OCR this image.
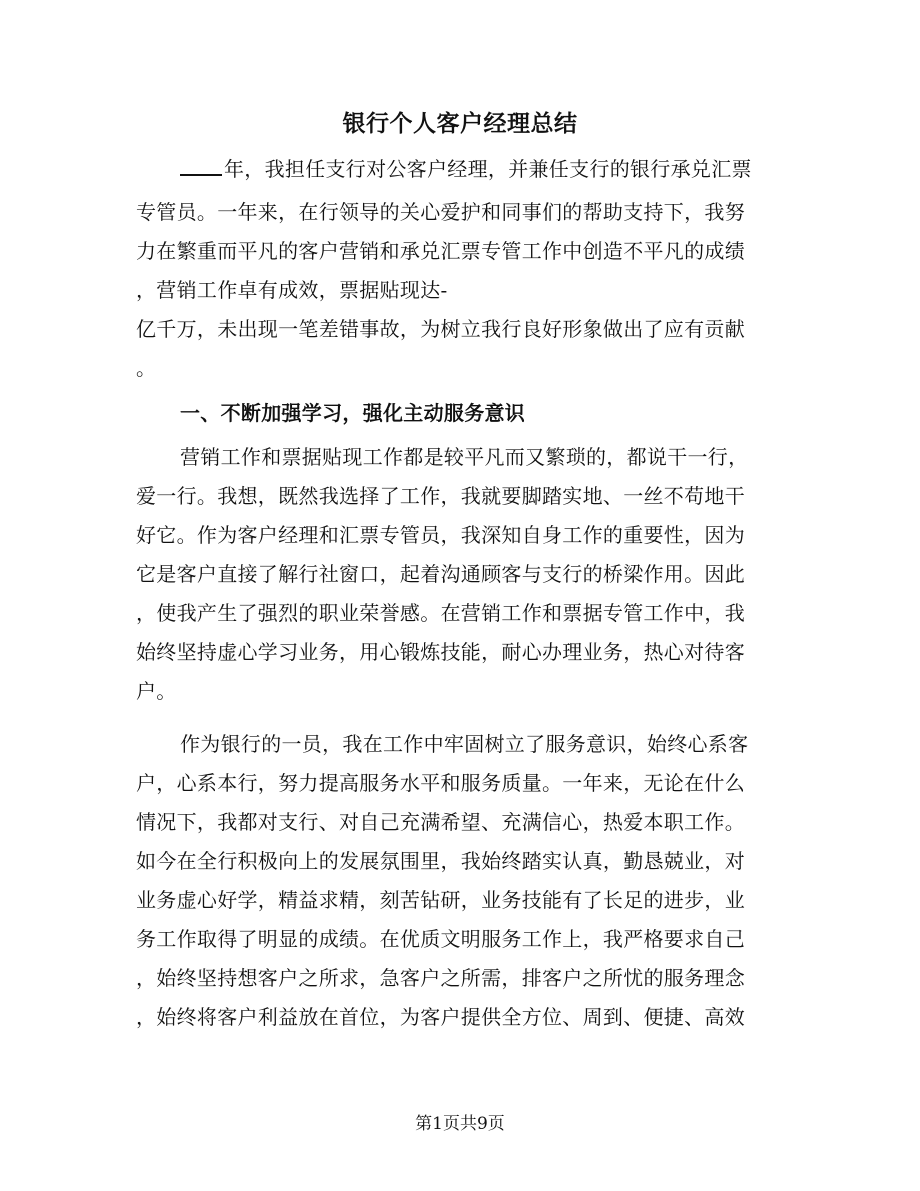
银行个人客户经理总结
年，我担任支行对公客户经理，并兼任支行的银行承兑汇票
专管员。一年来，在行领导的关心爱护和同事们的帮助支持下，我努
力在繁重而平凡的客户营销和承兑汇票专管工作中创造不平凡的成绩
，营销工作卓有成效，票据贴现达-
亿千万，未出现一笔差错事故，为树立我行良好形象做出了应有贡献
。
一、不断加强学习，强化主动服务意识
营销工作和票据贴现工作都是较平凡而又繁琐的，都说干一行，
爱一行。我想，既然我选择了工作，我就要脚踏实地、一丝不苟地干
好它。作为客户经理和汇票专管员，我深知自身工作的重要性，因为
它是客户直接了解行社窗口，起着沟通顾客与支行的桥梁作用。因此
，使我产生了强烈的职业荣誉感。在营销工作和票据专管工作中，我
始终坚持虚心学习业务，用心锻炼技能，耐心办理业务，热心对待客
户。
作为银行的一员，我在工作中牢固树立了服务意识，始终心系客
户，心系本行，努力提高服务水平和服务质量。一年来，无论在什么
情况下，我都对支行、对自己充满希望、充满信心，热爱本职工作。
如今在全行积极向上的发展氛围里，我始终踏实认真，勤恳兢业，对
业务虚心好学，精益求精，刻苦钻研，业务技能有了长足的进步，业
务工作取得了明显的成绩。在优质文明服务工作上，我严格要求自己
，始终坚持想客户之所求，急客户之所需，排客户之所忧的服务理念
，始终将客户利益放在首位，为客户提供全方位、周到、便捷、高效
第1页共9页
